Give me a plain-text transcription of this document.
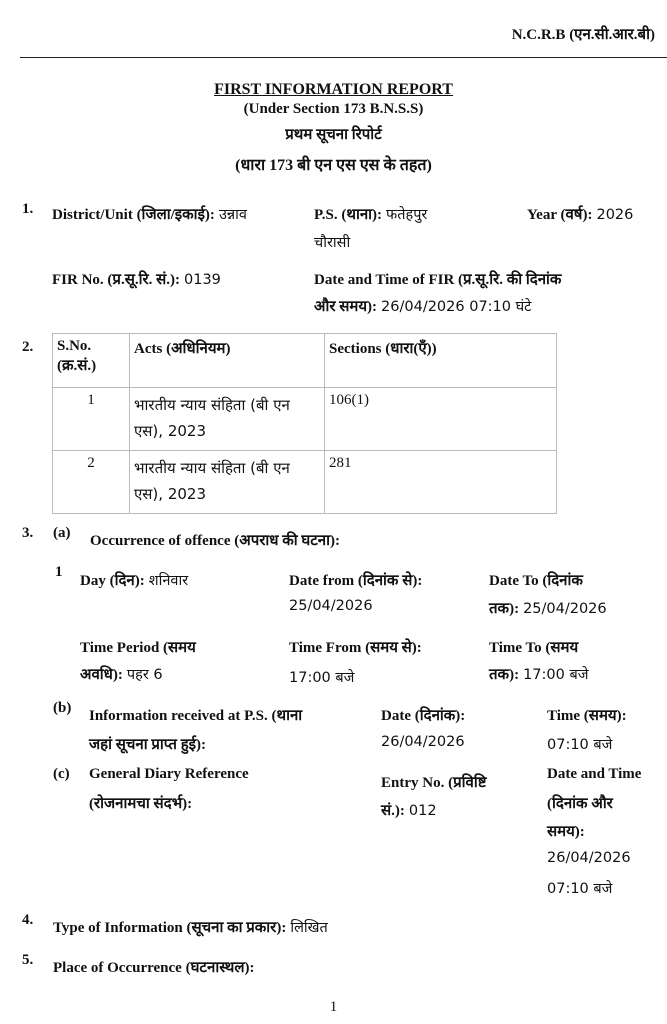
N.C.R.B (एन.सी.आर.बी)
FIRST INFORMATION REPORT
(Under Section 173 B.N.S.S)
प्रथम सूचना रिपोर्ट
(धारा 173 बी एन एस एस के तहत)
1. District/Unit (जिला/इकाई): उन्नाव	P.S. (थाना): फतेहपुर
चौरासी
Year (वर्ष): 2026
FIR No. (प्र.सू.रि. सं.): 0139	Date and Time of FIR (प्र.सू.रि. की दिनांक
और समय): 26/04/2026 07:10 घंटे
2. S.No. (क्र.सं.)	Acts (अधिनियम)	Sections (धारा(एँ))
1	भारतीय न्याय संहिता (बी एन एस), 2023	106(1)
2	भारतीय न्याय संहिता (बी एन एस), 2023	281
3. (a) Occurrence of offence (अपराध की घटना):
1
Day (दिन): शनिवार	Date from (दिनांक से):
25/04/2026
Date To (दिनांक
तक): 25/04/2026
Time Period (समय
अवधि): पहर 6
Time From (समय से):
17:00 बजे
Time To (समय
तक): 17:00 बजे
(b) Information received at P.S. (थाना
जहां सूचना प्राप्त हुई):
Date (दिनांक):
26/04/2026
Time (समय):
07:10 बजे
(c) General Diary Reference
(रोजनामचा संदर्भ):
Entry No. (प्रविष्टि
सं.): 012
Date and Time
(दिनांक और
समय):
26/04/2026
07:10 बजे
4. Type of Information (सूचना का प्रकार): लिखित
5. Place of Occurrence (घटनास्थल):
1
